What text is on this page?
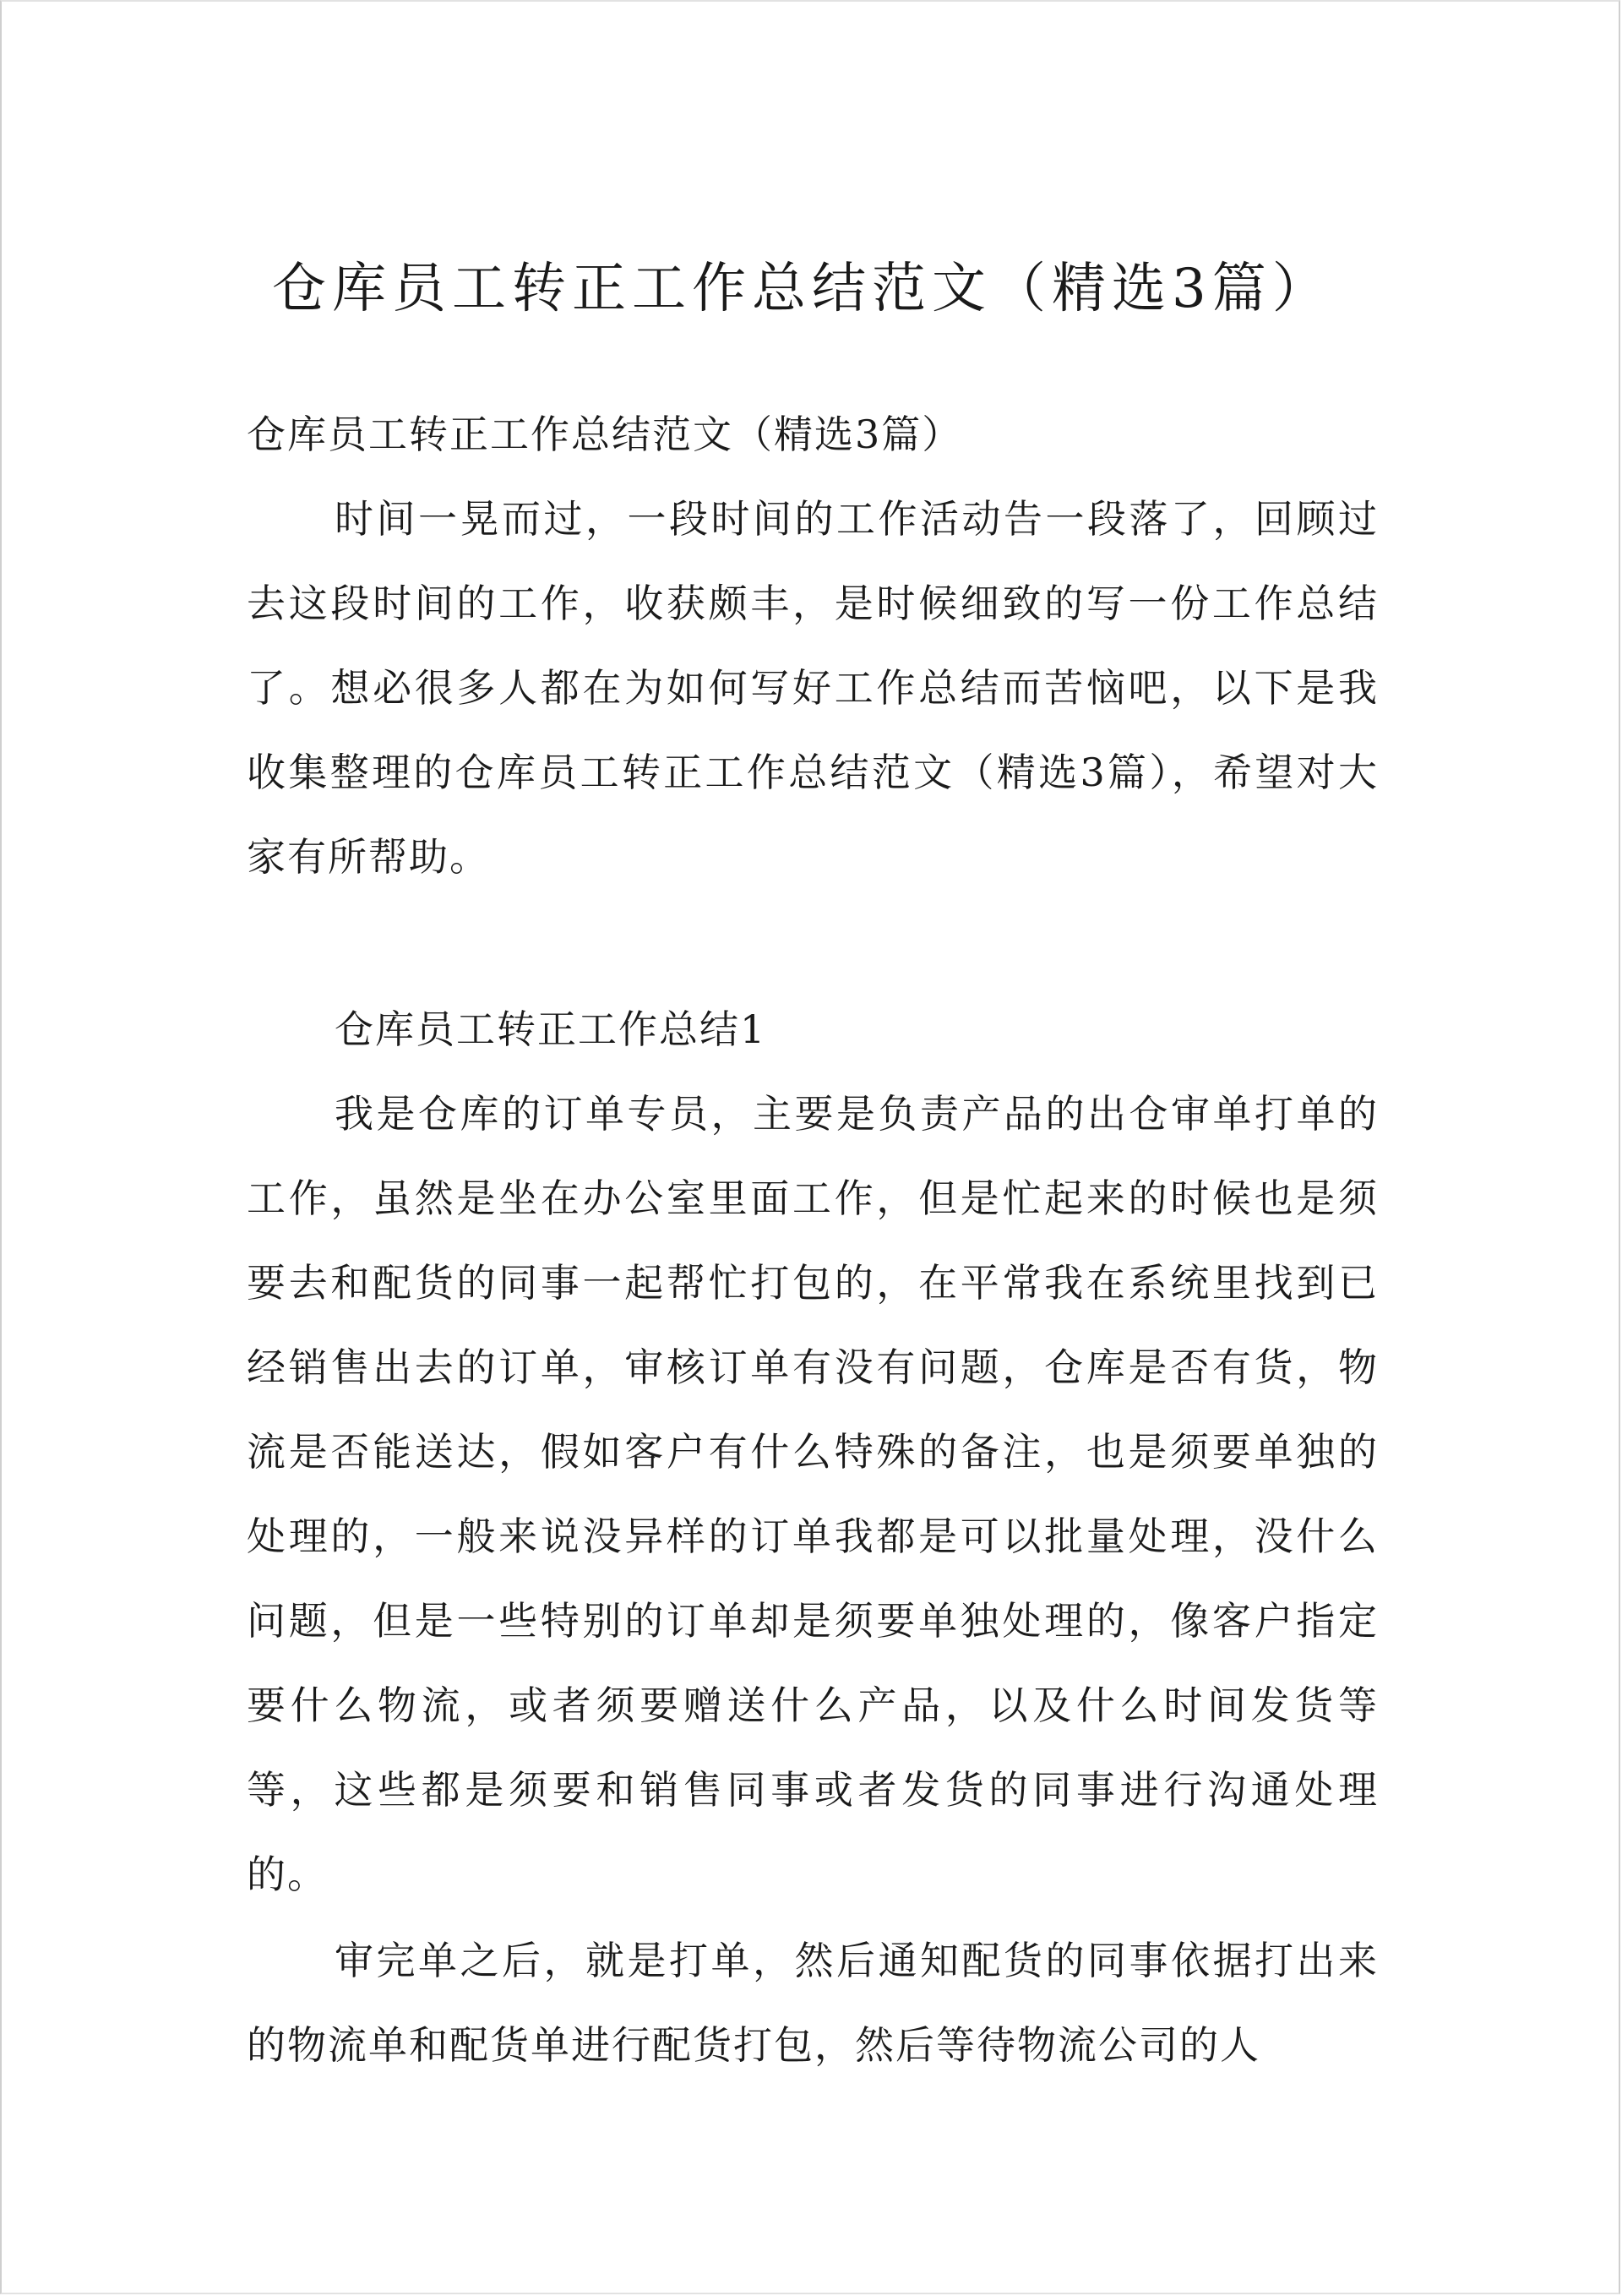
仓库员工转正工作总结范文（精选3篇）

仓库员工转正工作总结范文（精选3篇）

时间一晃而过，一段时间的工作活动告一段落了，回顾过去这段时间的工作，收获颇丰，是时候细致的写一份工作总结了。想必很多人都在为如何写好工作总结而苦恼吧，以下是我收集整理的仓库员工转正工作总结范文（精选3篇），希望对大家有所帮助。

仓库员工转正工作总结1

我是仓库的订单专员，主要是负责产品的出仓审单打单的工作，虽然是坐在办公室里面工作，但是忙起来的时候也是须要去和配货的同事一起帮忙打包的，在平常我在系统里找到已经销售出去的订单，审核订单有没有问题，仓库是否有货，物流是否能送达，假如客户有什么特殊的备注，也是须要单独的处理的，一般来说没异样的订单我都是可以批量处理，没什么问题，但是一些特别的订单却是须要单独处理的，像客户指定要什么物流，或者须要赠送什么产品，以及什么时间发货等等，这些都是须要和销售同事或者发货的同事进行沟通处理的。

审完单之后，就是打单，然后通知配货的同事依据打出来的物流单和配货单进行配货打包，然后等待物流公司的人
